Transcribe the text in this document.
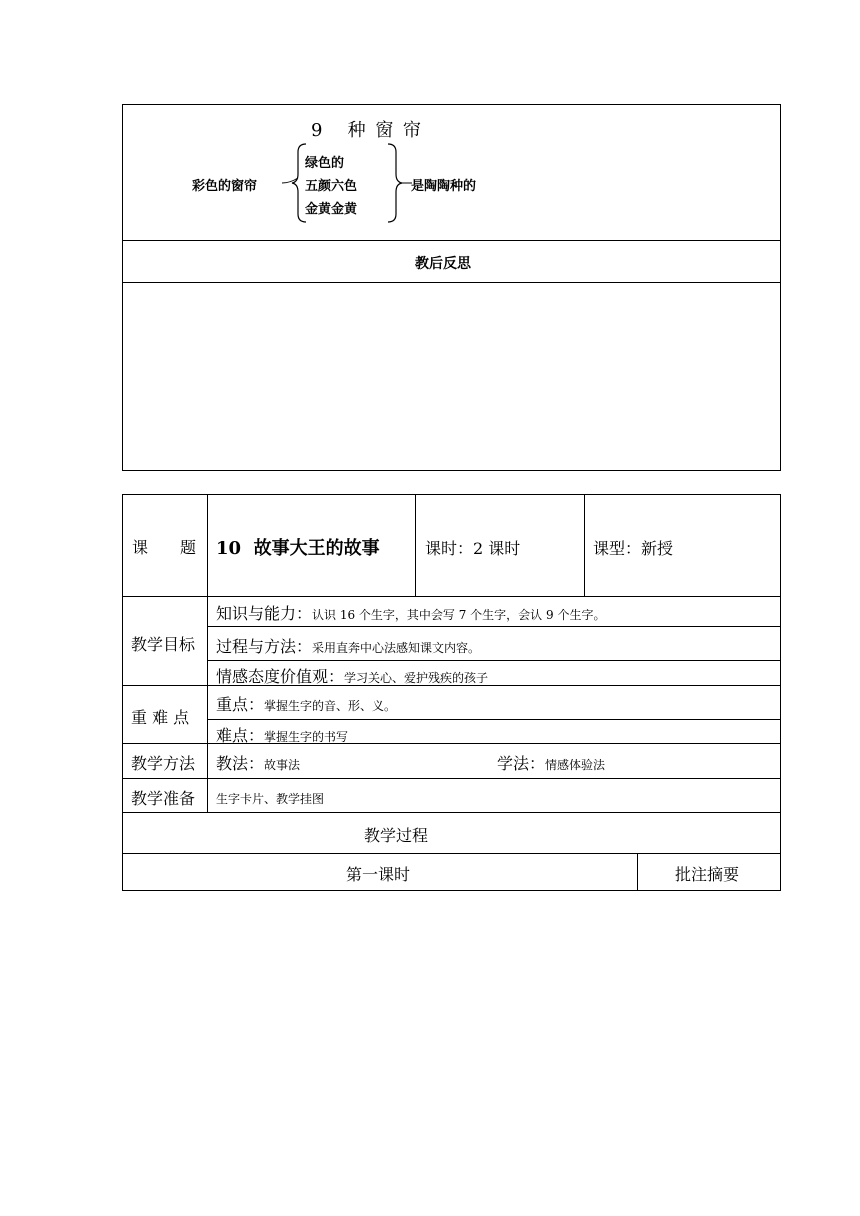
9   种 窗 帘
彩色的窗帘
绿色的
五颜六色
金黄金黄
是陶陶种的
教后反思
课　　题 10  故事大王的故事	课时：2 课时	课型：新授
教学目标
知识与能力：认识 16 个生字，其中会写 7 个生字，会认 9 个生字。
过程与方法：采用直奔中心法感知课文内容。
情感态度价值观：学习关心、爱护残疾的孩子
重 难 点
重点：掌握生字的音、形、义。
难点：掌握生字的书写
教学方法 教法：故事法	学法：情感体验法
教学准备 生字卡片、教学挂图
教学过程
第一课时	批注摘要
